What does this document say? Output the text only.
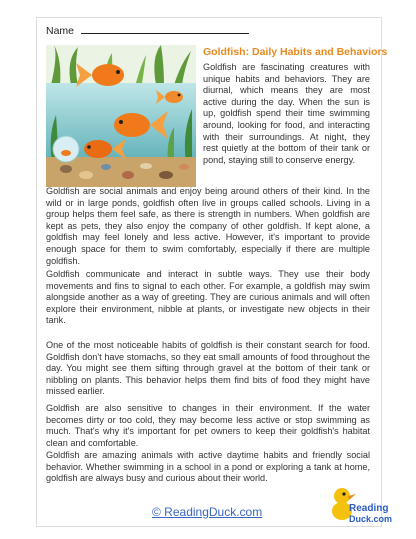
Name
Goldfish: Daily Habits and Behaviors

Goldfish are fascinating creatures with unique habits and behaviors. They are diurnal, which means they are most active during the day. When the sun is up, goldfish spend their time swimming around, looking for food, and interacting with their surroundings. At night, they rest quietly at the bottom of their tank or pond, staying still to conserve energy.

Goldfish are social animals and enjoy being around others of their kind. In the wild or in large ponds, goldfish often live in groups called schools. Living in a group helps them feel safe, as there is strength in numbers. When goldfish are kept as pets, they also enjoy the company of other goldfish. If kept alone, a goldfish may feel lonely and less active. However, it's important to provide enough space for them to swim comfortably, especially if there are multiple goldfish.

Goldfish communicate and interact in subtle ways. They use their body movements and fins to signal to each other. For example, a goldfish may swim alongside another as a way of greeting. They are curious animals and will often explore their environment, nibble at plants, or investigate new objects in their tank.

One of the most noticeable habits of goldfish is their constant search for food. Goldfish don't have stomachs, so they eat small amounts of food throughout the day. You might see them sifting through gravel at the bottom of their tank or nibbling on plants. This behavior helps them find bits of food they might have missed earlier.

Goldfish are also sensitive to changes in their environment. If the water becomes dirty or too cold, they may become less active or stop swimming as much. That's why it's important for pet owners to keep their goldfish's habitat clean and comfortable.

Goldfish are amazing animals with active daytime habits and friendly social behavior. Whether swimming in a school in a pond or exploring a tank at home, goldfish are always busy and curious about their world.

© ReadingDuck.com	Reading
Duck.com
